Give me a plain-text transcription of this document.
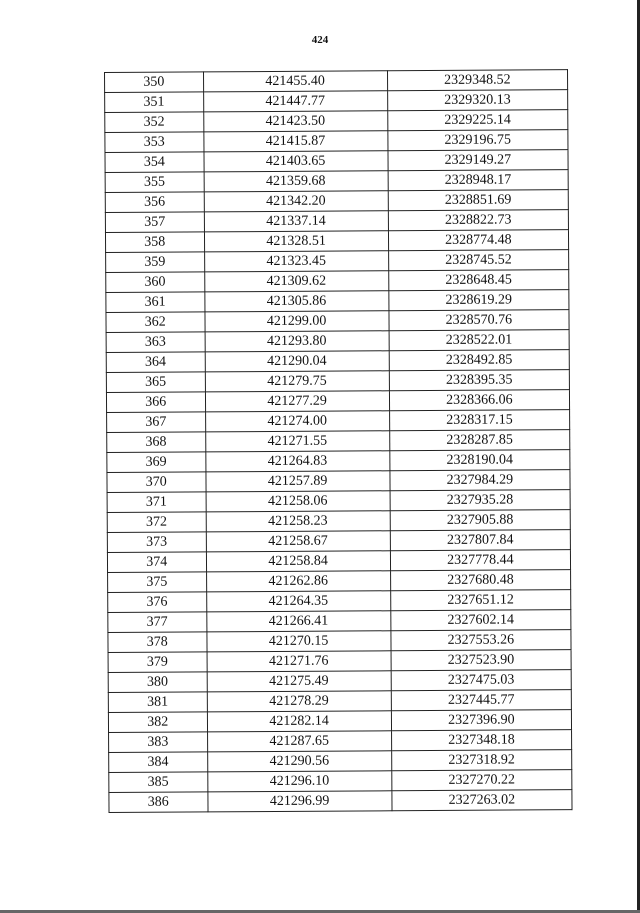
424
350	421455.40	2329348.52
351	421447.77	2329320.13
352	421423.50	2329225.14
353	421415.87	2329196.75
354	421403.65	2329149.27
355	421359.68	2328948.17
356	421342.20	2328851.69
357	421337.14	2328822.73
358	421328.51	2328774.48
359	421323.45	2328745.52
360	421309.62	2328648.45
361	421305.86	2328619.29
362	421299.00	2328570.76
363	421293.80	2328522.01
364	421290.04	2328492.85
365	421279.75	2328395.35
366	421277.29	2328366.06
367	421274.00	2328317.15
368	421271.55	2328287.85
369	421264.83	2328190.04
370	421257.89	2327984.29
371	421258.06	2327935.28
372	421258.23	2327905.88
373	421258.67	2327807.84
374	421258.84	2327778.44
375	421262.86	2327680.48
376	421264.35	2327651.12
377	421266.41	2327602.14
378	421270.15	2327553.26
379	421271.76	2327523.90
380	421275.49	2327475.03
381	421278.29	2327445.77
382	421282.14	2327396.90
383	421287.65	2327348.18
384	421290.56	2327318.92
385	421296.10	2327270.22
386	421296.99	2327263.02
